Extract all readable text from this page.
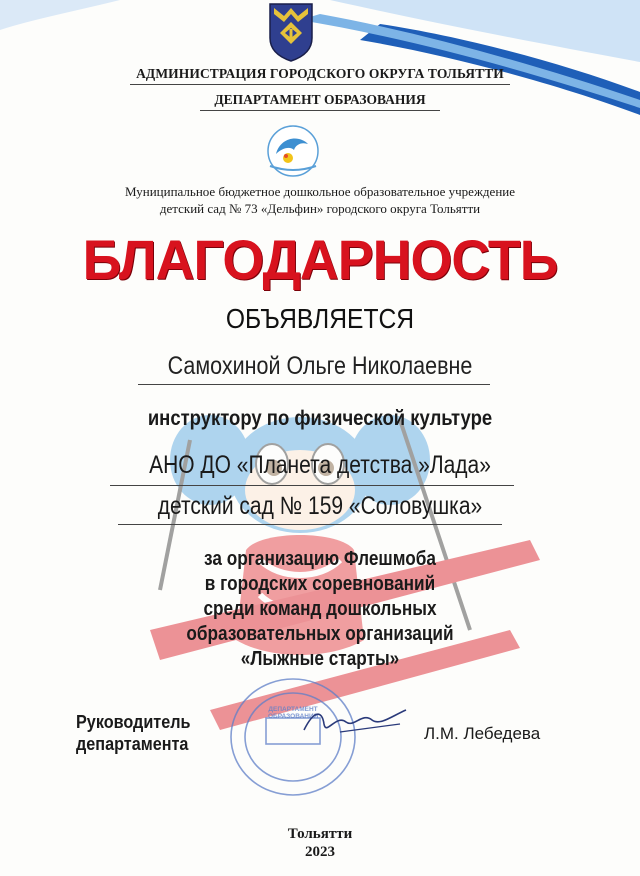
АДМИНИСТРАЦИЯ ГОРОДСКОГО ОКРУГА ТОЛЬЯТТИ
ДЕПАРТАМЕНТ ОБРАЗОВАНИЯ
Муниципальное бюджетное дошкольное образовательное учреждение
детский сад № 73 «Дельфин» городского округа Тольятти
БЛАГОДАРНОСТЬ
ОБЪЯВЛЯЕТСЯ
Самохиной Ольге Николаевне
инструктору по физической культуре
АНО ДО «Планета детства »Лада»
детский сад № 159 «Соловушка»
за организацию Флешмоба
в городских соревнований
среди команд дошкольных
образовательных организаций
«Лыжные старты»
ДЕПАРТАМЕНТ ОБРАЗОВАНИЯ
Руководитель
департамента
Л.М. Лебедева
Тольятти
2023
